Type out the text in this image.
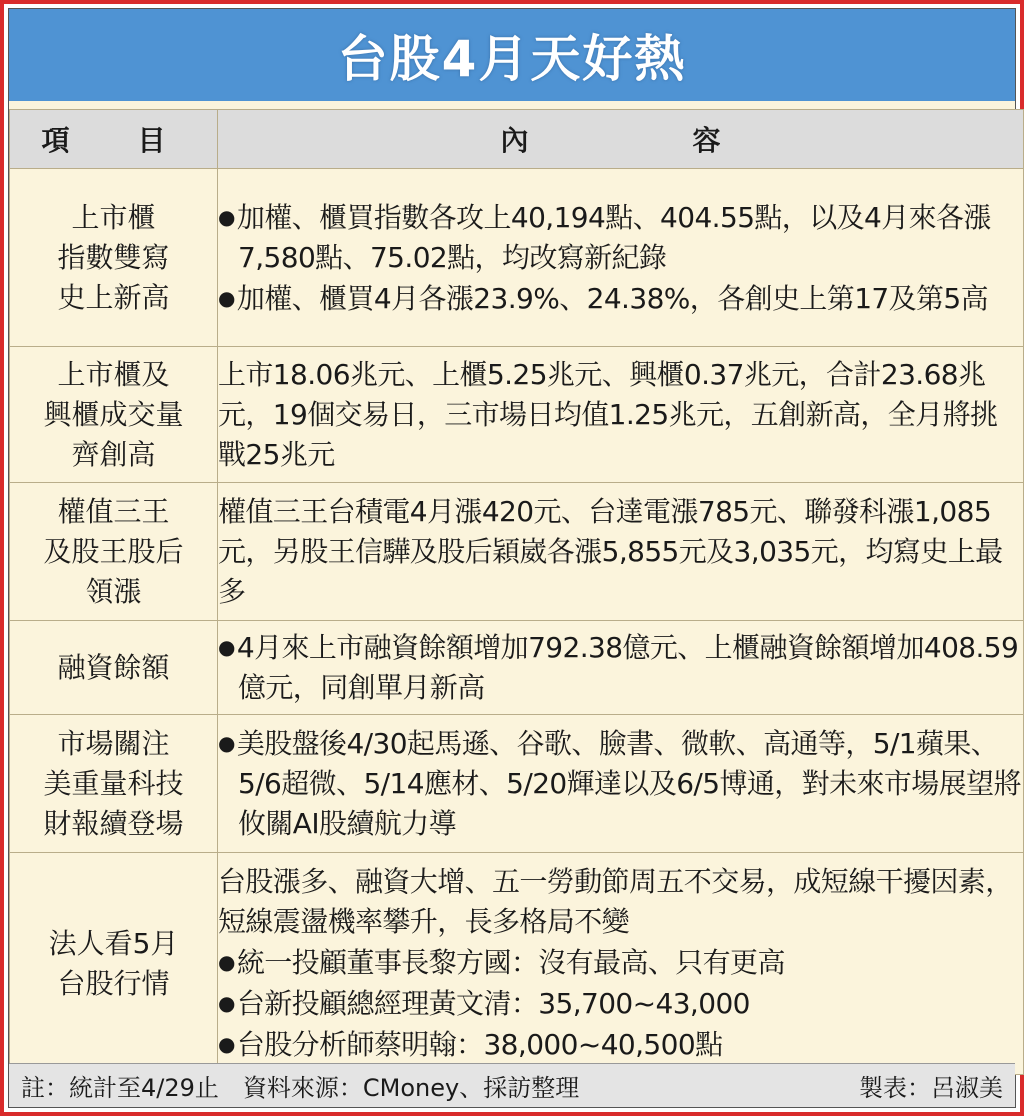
台股4月天好熱
項　目	內　　　容

上市櫃
指數雙寫
史上新高	● 加權、櫃買指數各攻上40,194點、404.55點，以及4月來各漲7,580點、75.02點，均改寫新紀錄
● 加權、櫃買4月各漲23.9%、24.38%，各創史上第17及第5高

上市櫃及
興櫃成交量
齊創高	上市18.06兆元、上櫃5.25兆元、興櫃0.37兆元，合計23.68兆元，19個交易日，三市場日均值1.25兆元，五創新高，全月將挑戰25兆元

權值三王
及股王股后
領漲	權值三王台積電4月漲420元、台達電漲785元、聯發科漲1,085元，另股王信驊及股后穎崴各漲5,855元及3,035元，均寫史上最多

融資餘額	● 4月來上市融資餘額增加792.38億元、上櫃融資餘額增加408.59億元，同創單月新高

市場關注
美重量科技
財報續登場	● 美股盤後4/30起馬遜、谷歌、臉書、微軟、高通等，5/1蘋果、5/6超微、5/14應材、5/20輝達以及6/5博通，對未來市場展望將攸關AI股續航力導

法人看5月
台股行情	台股漲多、融資大增、五一勞動節周五不交易，成短線干擾因素，短線震盪機率攀升，長多格局不變
● 統一投顧董事長黎方國：沒有最高、只有更高
● 台新投顧總經理黃文清：35,700~43,000
● 台股分析師蔡明翰：38,000~40,500點
註：統計至4/29止　資料來源：CMoney、採訪整理	製表：呂淑美
